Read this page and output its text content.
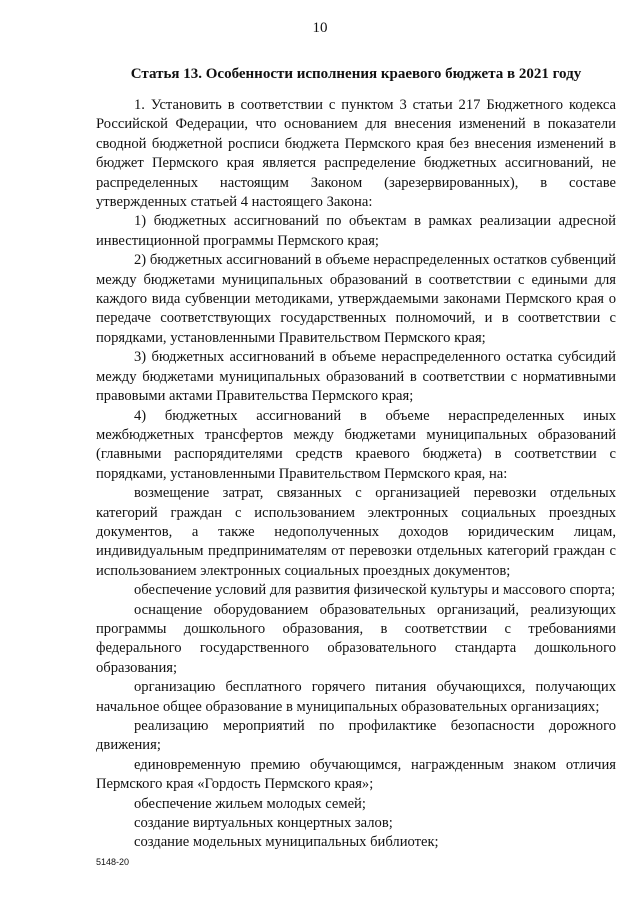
10
Статья 13. Особенности исполнения краевого бюджета в 2021 году

1. Установить в соответствии с пунктом 3 статьи 217 Бюджетного кодекса Российской Федерации, что основанием для внесения изменений в показатели сводной бюджетной росписи бюджета Пермского края без внесения изменений в бюджет Пермского края является распределение бюджетных ассигнований, не распределенных настоящим Законом (зарезервированных), в составе утвержденных статьей 4 настоящего Закона:

1) бюджетных ассигнований по объектам в рамках реализации адресной инвестиционной программы Пермского края;

2) бюджетных ассигнований в объеме нераспределенных остатков субвенций между бюджетами муниципальных образований в соответствии с едиными для каждого вида субвенции методиками, утверждаемыми законами Пермского края о передаче соответствующих государственных полномочий, и в соответствии с порядками, установленными Правительством Пермского края;

3) бюджетных ассигнований в объеме нераспределенного остатка субсидий между бюджетами муниципальных образований в соответствии с нормативными правовыми актами Правительства Пермского края;

4) бюджетных ассигнований в объеме нераспределенных иных межбюджетных трансфертов между бюджетами муниципальных образований (главными распорядителями средств краевого бюджета) в соответствии с порядками, установленными Правительством Пермского края, на:

возмещение затрат, связанных с организацией перевозки отдельных категорий граждан с использованием электронных социальных проездных документов, а также недополученных доходов юридическим лицам, индивидуальным предпринимателям от перевозки отдельных категорий граждан с использованием электронных социальных проездных документов;

обеспечение условий для развития физической культуры и массового спорта;

оснащение оборудованием образовательных организаций, реализующих программы дошкольного образования, в соответствии с требованиями федерального государственного образовательного стандарта дошкольного образования;

организацию бесплатного горячего питания обучающихся, получающих начальное общее образование в муниципальных образовательных организациях;

реализацию мероприятий по профилактике безопасности дорожного движения;

единовременную премию обучающимся, награжденным знаком отличия Пермского края «Гордость Пермского края»;

обеспечение жильем молодых семей;

создание виртуальных концертных залов;

создание модельных муниципальных библиотек;

5148-20
